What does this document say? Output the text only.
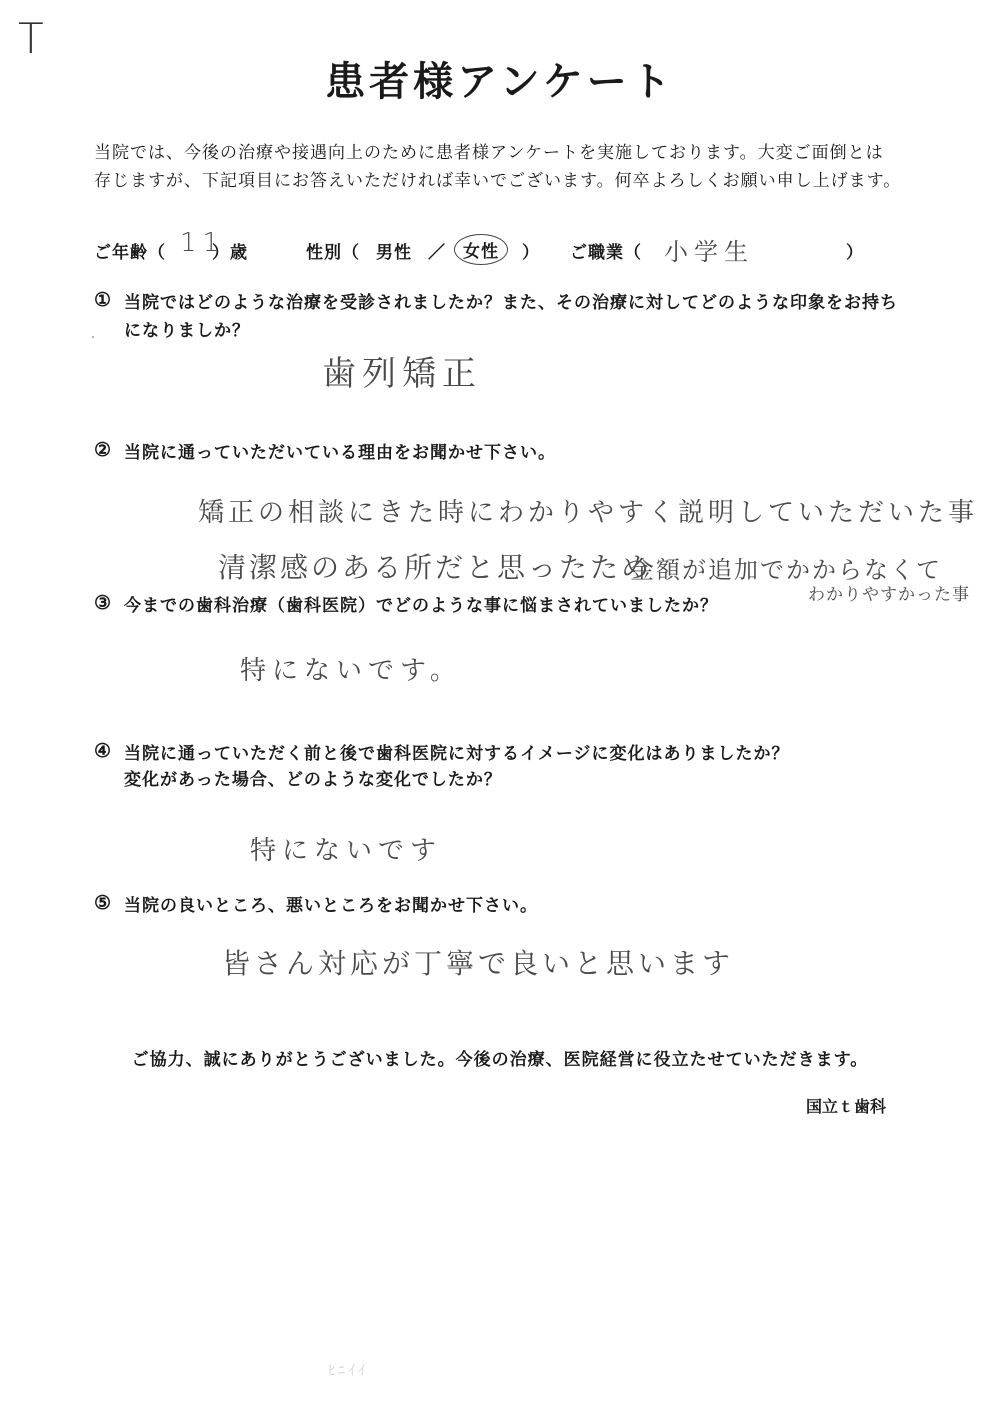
T
患者様アンケート
当院では、今後の治療や接遇向上のために患者様アンケートを実施しております。大変ご面倒とは
存じますが、下記項目にお答えいただければ幸いでございます。何卒よろしくお願い申し上げます。
ご年齢（ 11
）歳	性別（ 男性 ／	女性	） ご職業（ 小学生	）
① 当院ではどのような治療を受診されましたか？また、その治療に対してどのような印象をお持ち
になりましか？
歯列矯正
② 当院に通っていただいている理由をお聞かせ下さい。
矯正の相談にきた時にわかりやすく説明していただいた事
清潔感のある所だと思ったため
金額が追加でかからなくて
わかりやすかった事
③ 今までの歯科治療（歯科医院）でどのような事に悩まされていましたか？
特にないです。
④ 当院に通っていただく前と後で歯科医院に対するイメージに変化はありましたか？
変化があった場合、どのような変化でしたか？
特にないです
⑤ 当院の良いところ、悪いところをお聞かせ下さい。
皆さん対応が丁寧で良いと思います
ご協力、誠にありがとうございました。今後の治療、医院経営に役立たせていただきます。
国立ｔ歯科
ﾋﾆｲｲ
